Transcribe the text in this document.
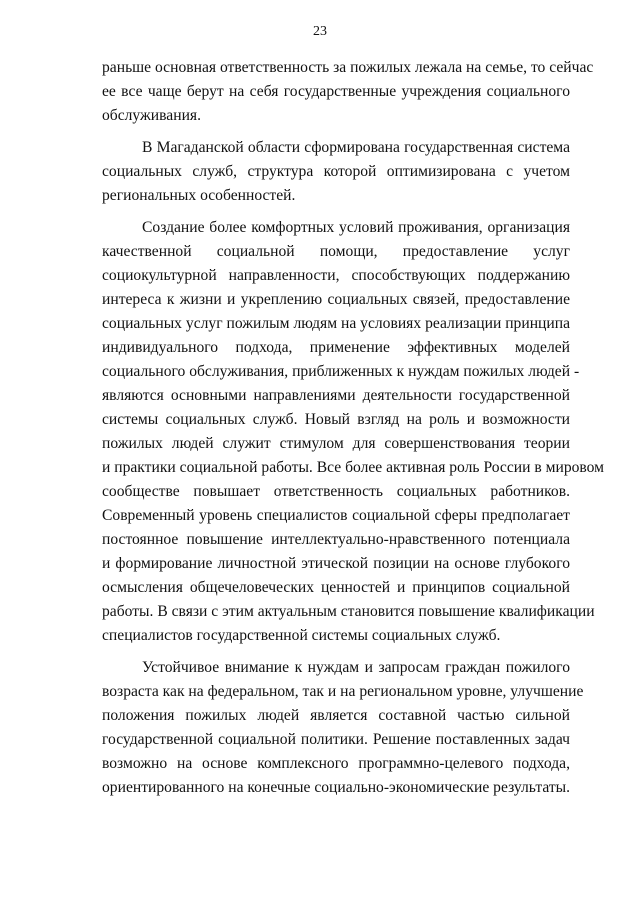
23
раньше основная ответственность за пожилых лежала на семье, то сейчас
ее все чаще берут на себя государственные учреждения социального
обслуживания.
В Магаданской области сформирована государственная система
социальных служб, структура которой оптимизирована с учетом
региональных особенностей.
Создание более комфортных условий проживания, организация
качественной социальной помощи, предоставление услуг
социокультурной направленности, способствующих поддержанию
интереса к жизни и укреплению социальных связей, предоставление
социальных услуг пожилым людям на условиях реализации принципа
индивидуального подхода, применение эффективных моделей
социального обслуживания, приближенных к нуждам пожилых людей -
являются основными направлениями деятельности государственной
системы социальных служб. Новый взгляд на роль и возможности
пожилых людей служит стимулом для совершенствования теории
и практики социальной работы. Все более активная роль России в мировом
сообществе повышает ответственность социальных работников.
Современный уровень специалистов социальной сферы предполагает
постоянное повышение интеллектуально-нравственного потенциала
и формирование личностной этической позиции на основе глубокого
осмысления общечеловеческих ценностей и принципов социальной
работы. В связи с этим актуальным становится повышение квалификации
специалистов государственной системы социальных служб.
Устойчивое внимание к нуждам и запросам граждан пожилого
возраста как на федеральном, так и на региональном уровне, улучшение
положения пожилых людей является составной частью сильной
государственной социальной политики. Решение поставленных задач
возможно на основе комплексного программно-целевого подхода,
ориентированного на конечные социально-экономические результаты.
